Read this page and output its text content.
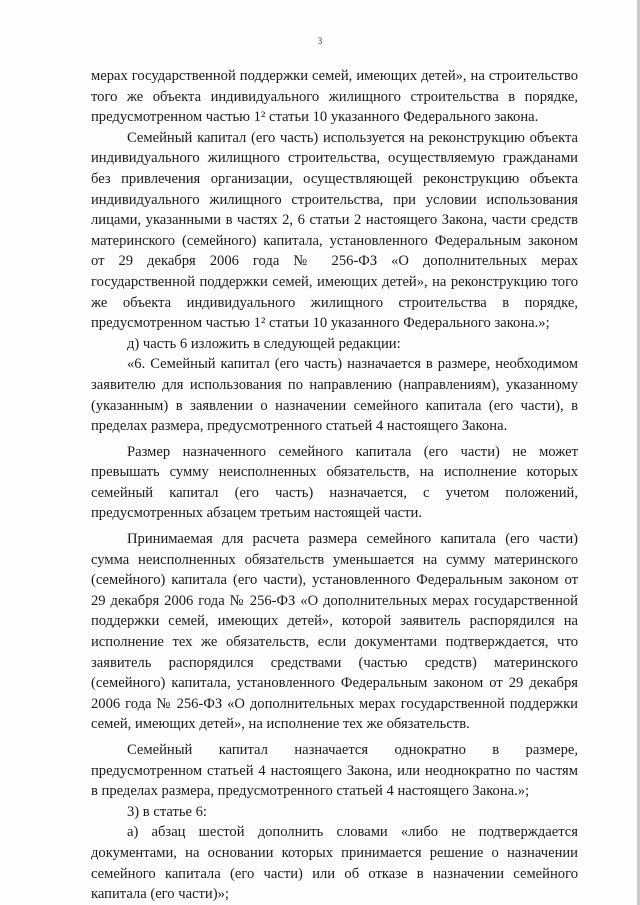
3

мерах государственной поддержки семей, имеющих детей», на строительство того же объекта индивидуального жилищного строительства в порядке, предусмотренном частью 1² статьи 10 указанного Федерального закона.

Семейный капитал (его часть) используется на реконструкцию объекта индивидуального жилищного строительства, осуществляемую гражданами без привлечения организации, осуществляющей реконструкцию объекта индивидуального жилищного строительства, при условии использования лицами, указанными в частях 2, 6 статьи 2 настоящего Закона, части средств материнского (семейного) капитала, установленного Федеральным законом от 29 декабря 2006 года № 256-ФЗ «О дополнительных мерах государственной поддержки семей, имеющих детей», на реконструкцию того же объекта индивидуального жилищного строительства в порядке, предусмотренном частью 1² статьи 10 указанного Федерального закона.»;

д) часть 6 изложить в следующей редакции:

«6. Семейный капитал (его часть) назначается в размере, необходимом заявителю для использования по направлению (направлениям), указанному (указанным) в заявлении о назначении семейного капитала (его части), в пределах размера, предусмотренного статьей 4 настоящего Закона.

Размер назначенного семейного капитала (его части) не может превышать сумму неисполненных обязательств, на исполнение которых семейный капитал (его часть) назначается, с учетом положений, предусмотренных абзацем третьим настоящей части.

Принимаемая для расчета размера семейного капитала (его части) сумма неисполненных обязательств уменьшается на сумму материнского (семейного) капитала (его части), установленного Федеральным законом от 29 декабря 2006 года № 256-ФЗ «О дополнительных мерах государственной поддержки семей, имеющих детей», которой заявитель распорядился на исполнение тех же обязательств, если документами подтверждается, что заявитель распорядился средствами (частью средств) материнского (семейного) капитала, установленного Федеральным законом от 29 декабря 2006 года № 256-ФЗ «О дополнительных мерах государственной поддержки семей, имеющих детей», на исполнение тех же обязательств.

Семейный капитал назначается однократно в размере, предусмотренном статьей 4 настоящего Закона, или неоднократно по частям в пределах размера, предусмотренного статьей 4 настоящего Закона.»;

3) в статье 6:

а) абзац шестой дополнить словами «либо не подтверждается документами, на основании которых принимается решение о назначении семейного капитала (его части) или об отказе в назначении семейного капитала (его части)»;
